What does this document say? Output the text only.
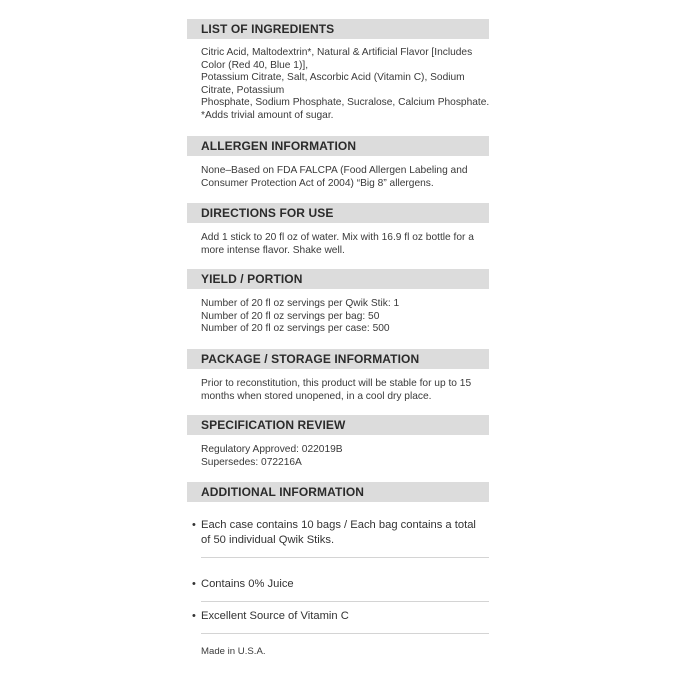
LIST OF INGREDIENTS
Citric Acid, Maltodextrin*, Natural & Artificial Flavor [Includes
Color (Red 40, Blue 1)],
Potassium Citrate, Salt, Ascorbic Acid (Vitamin C), Sodium
Citrate, Potassium
Phosphate, Sodium Phosphate, Sucralose, Calcium Phosphate.
*Adds trivial amount of sugar.
ALLERGEN INFORMATION
None–Based on FDA FALCPA (Food Allergen Labeling and
Consumer Protection Act of 2004) “Big 8” allergens.
DIRECTIONS FOR USE
Add 1 stick to 20 fl oz of water. Mix with 16.9 fl oz bottle for a
more intense flavor. Shake well.
YIELD / PORTION
Number of 20 fl oz servings per Qwik Stik: 1
Number of 20 fl oz servings per bag: 50
Number of 20 fl oz servings per case: 500
PACKAGE / STORAGE INFORMATION
Prior to reconstitution, this product will be stable for up to 15
months when stored unopened, in a cool dry place.
SPECIFICATION REVIEW
Regulatory Approved: 022019B
Supersedes: 072216A
ADDITIONAL INFORMATION
• Each case contains 10 bags / Each bag contains a total
of 50 individual Qwik Stiks.
• Contains 0% Juice
• Excellent Source of Vitamin C
Made in U.S.A.
